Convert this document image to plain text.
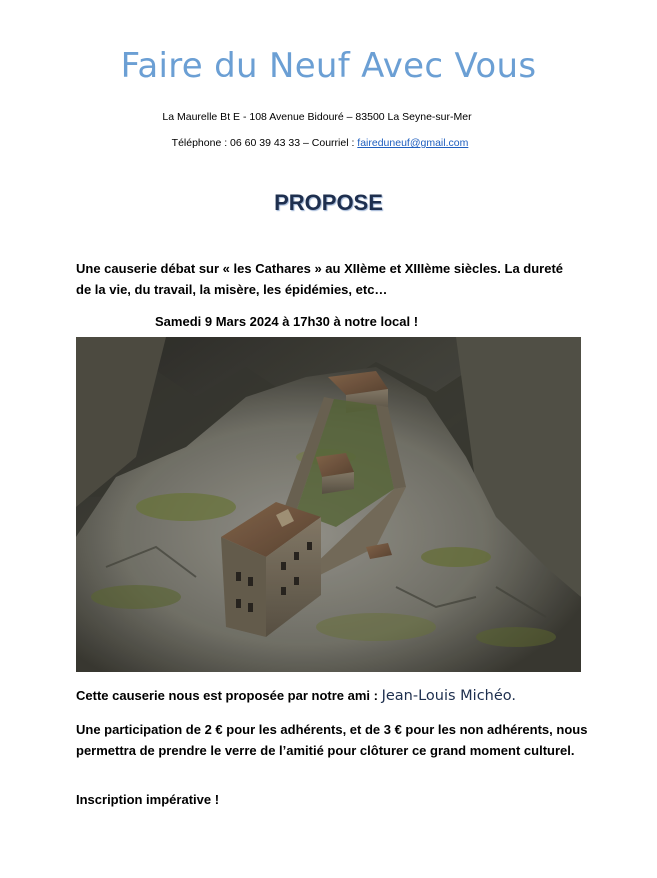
Faire du Neuf Avec Vous
La Maurelle Bt E - 108 Avenue Bidouré – 83500 La Seyne-sur-Mer
Téléphone : 06 60 39 43 33 – Courriel : faireduneuf@gmail.com
PROPOSE
Une causerie débat sur « les Cathares » au XIIème et XIIIème siècles. La dureté de la vie, du travail, la misère, les épidémies, etc…
Samedi 9 Mars 2024 à 17h30 à notre local !
Cette causerie nous est proposée par notre ami : Jean-Louis Michéo.
Une participation de 2 € pour les adhérents, et de 3 € pour les non adhérents, nous permettra de prendre le verre de l’amitié pour clôturer ce grand moment culturel.
Inscription impérative !
